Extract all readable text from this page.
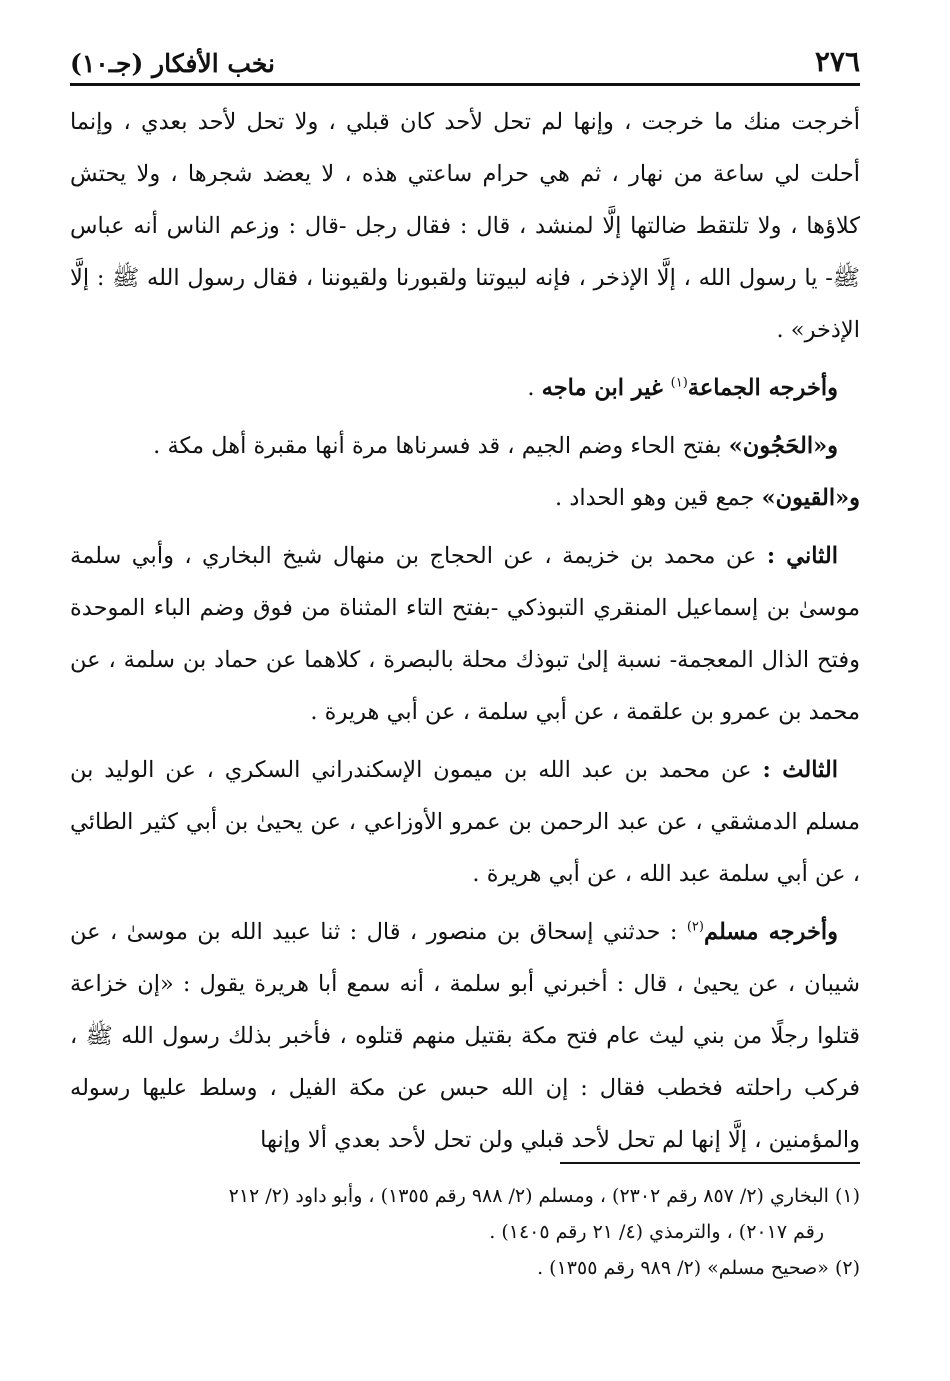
٢٧٦
نخب الأفكار (جـ١٠)

أخرجت منك ما خرجت ، وإنها لم تحل لأحد كان قبلي ، ولا تحل لأحد بعدي ، وإنما أحلت لي ساعة من نهار ، ثم هي حرام ساعتي هذه ، لا يعضد شجرها ، ولا يحتش كلاؤها ، ولا تلتقط ضالتها إلَّا لمنشد ، قال : فقال رجل -قال : وزعم الناس أنه عباس ﷺ- يا رسول الله ، إلَّا الإذخر ، فإنه لبيوتنا ولقبورنا ولقيوننا ، فقال رسول الله ﷺ : إلَّا الإذخر» .

وأخرجه الجماعة$^{(١)}$ غير ابن ماجه .

و«الحَجُون» بفتح الحاء وضم الجيم ، قد فسرناها مرة أنها مقبرة أهل مكة .

و«القيون» جمع قين وهو الحداد .

الثاني : عن محمد بن خزيمة ، عن الحجاج بن منهال شيخ البخاري ، وأبي سلمة موسىٰ بن إسماعيل المنقري التبوذكي -بفتح التاء المثناة من فوق وضم الباء الموحدة وفتح الذال المعجمة- نسبة إلىٰ تبوذك محلة بالبصرة ، كلاهما عن حماد بن سلمة ، عن محمد بن عمرو بن علقمة ، عن أبي سلمة ، عن أبي هريرة .

الثالث : عن محمد بن عبد الله بن ميمون الإسكندراني السكري ، عن الوليد بن مسلم الدمشقي ، عن عبد الرحمن بن عمرو الأوزاعي ، عن يحيىٰ بن أبي كثير الطائي ، عن أبي سلمة عبد الله ، عن أبي هريرة .

وأخرجه مسلم$^{(٢)}$ : حدثني إسحاق بن منصور ، قال : ثنا عبيد الله بن موسىٰ ، عن شيبان ، عن يحيىٰ ، قال : أخبرني أبو سلمة ، أنه سمع أبا هريرة يقول : «إن خزاعة قتلوا رجلًا من بني ليث عام فتح مكة بقتيل منهم قتلوه ، فأخبر بذلك رسول الله ﷺ ، فركب راحلته فخطب فقال : إن الله حبس عن مكة الفيل ، وسلط عليها رسوله والمؤمنين ، إلَّا إنها لم تحل لأحد قبلي ولن تحل لأحد بعدي ألا وإنها

(١) البخاري (٢/ ٨٥٧ رقم ٢٣٠٢) ، ومسلم (٢/ ٩٨٨ رقم ١٣٥٥) ، وأبو داود (٢/ ٢١٢

رقم ٢٠١٧) ، والترمذي (٤/ ٢١ رقم ١٤٠٥) .

(٢) «صحيح مسلم» (٢/ ٩٨٩ رقم ١٣٥٥) .
